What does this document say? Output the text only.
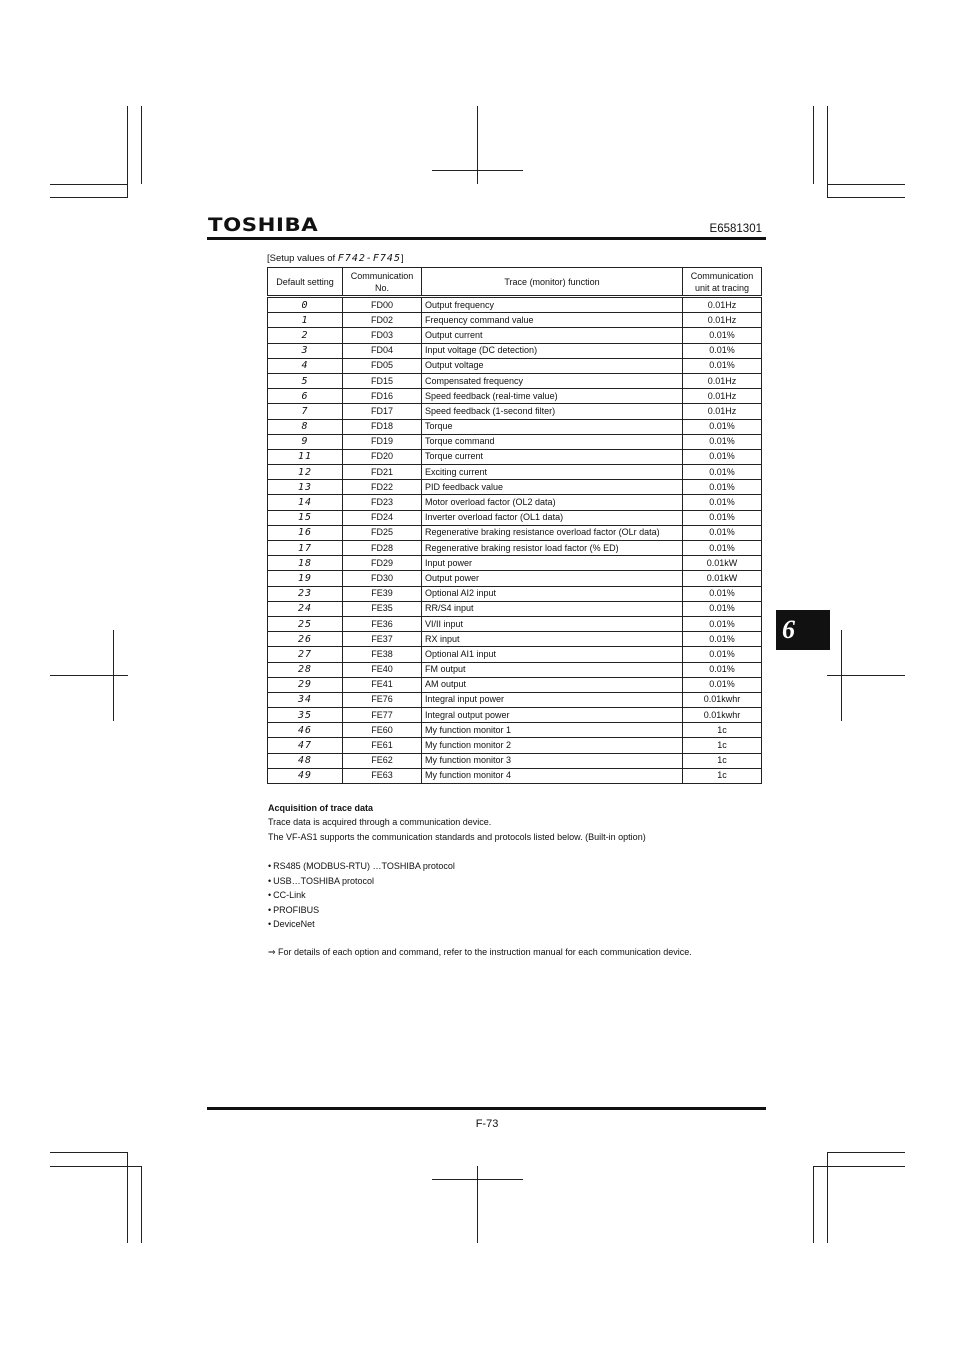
TOSHIBA	E6581301
[Setup values of F742-F745]
Default setting	Communication No.	Trace (monitor) function	Communication unit at tracing
0	FD00	Output frequency	0.01Hz
1	FD02	Frequency command value	0.01Hz
2	FD03	Output current	0.01%
3	FD04	Input voltage (DC detection)	0.01%
4	FD05	Output voltage	0.01%
5	FD15	Compensated frequency	0.01Hz
6	FD16	Speed feedback (real-time value)	0.01Hz
7	FD17	Speed feedback (1-second filter)	0.01Hz
8	FD18	Torque	0.01%
9	FD19	Torque command	0.01%
11	FD20	Torque current	0.01%
12	FD21	Exciting current	0.01%
13	FD22	PID feedback value	0.01%
14	FD23	Motor overload factor (OL2 data)	0.01%
15	FD24	Inverter overload factor (OL1 data)	0.01%
16	FD25	Regenerative braking resistance overload factor (OLr data)	0.01%
17	FD28	Regenerative braking resistor load factor (% ED)	0.01%
18	FD29	Input power	0.01kW
19	FD30	Output power	0.01kW
23	FE39	Optional AI2 input	0.01%
24	FE35	RR/S4 input	0.01%
25	FE36	VI/II input	0.01%
26	FE37	RX input	0.01%
27	FE38	Optional AI1 input	0.01%
28	FE40	FM output	0.01%
29	FE41	AM output	0.01%
34	FE76	Integral input power	0.01kwhr
35	FE77	Integral output power	0.01kwhr
46	FE60	My function monitor 1	1c
47	FE61	My function monitor 2	1c
48	FE62	My function monitor 3	1c
49	FE63	My function monitor 4	1c
Acquisition of trace data
Trace data is acquired through a communication device.
The VF-AS1 supports the communication standards and protocols listed below. (Built-in option)
• RS485 (MODBUS-RTU) …TOSHIBA protocol
• USB…TOSHIBA protocol
• CC-Link
• PROFIBUS
• DeviceNet
⇒ For details of each option and command, refer to the instruction manual for each communication device.
6
F-73
